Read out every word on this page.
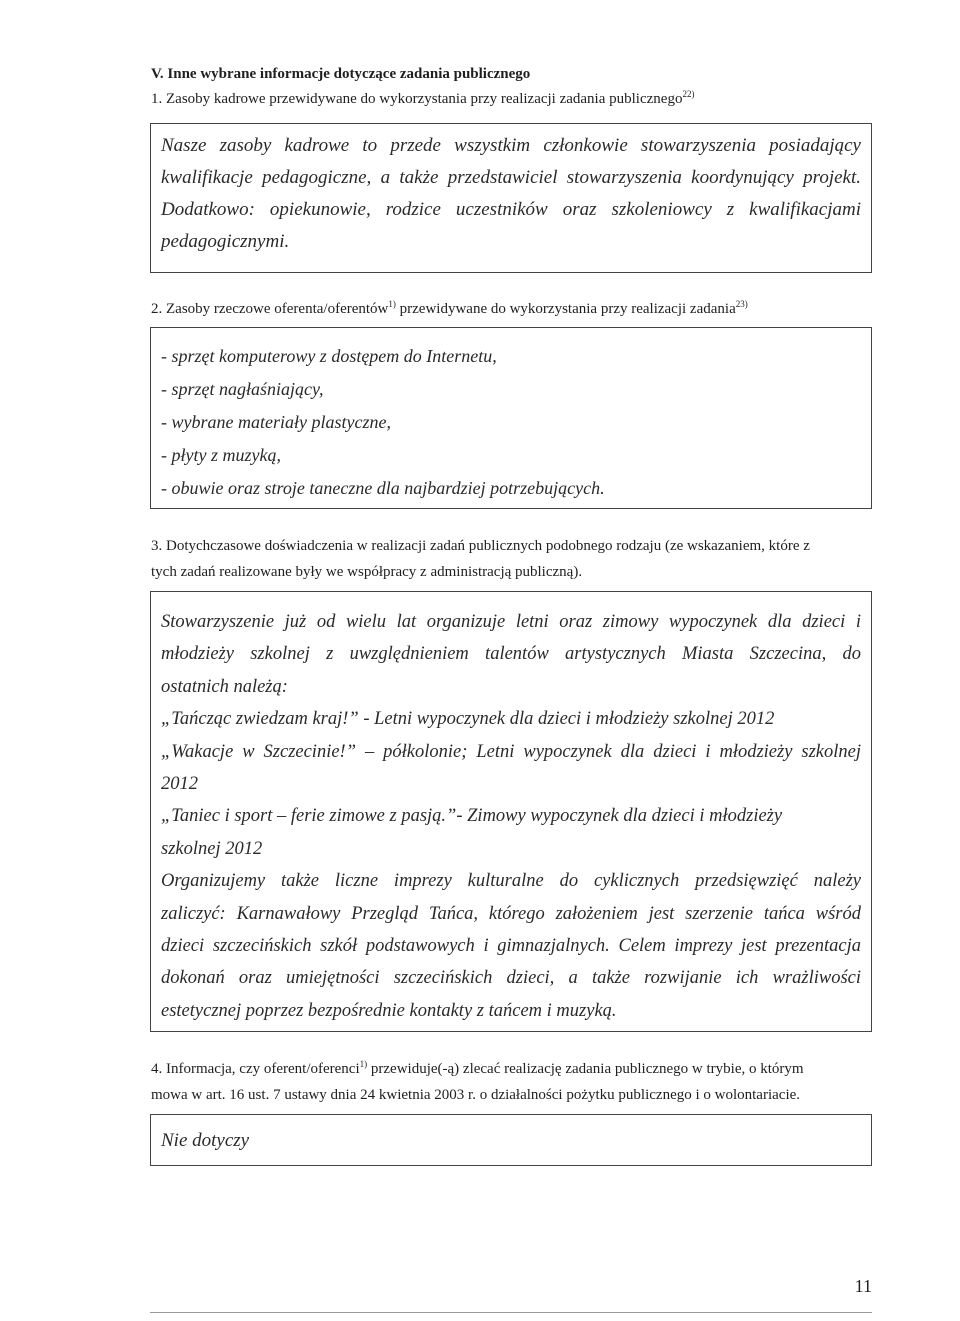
V. Inne wybrane informacje dotyczące zadania publicznego
1. Zasoby kadrowe przewidywane do wykorzystania przy realizacji zadania publicznego$^{22)}$

Nasze zasoby kadrowe to przede wszystkim członkowie stowarzyszenia posiadający

kwalifikacje pedagogiczne, a także przedstawiciel stowarzyszenia koordynujący projekt.

Dodatkowo: opiekunowie, rodzice uczestników oraz szkoleniowcy z kwalifikacjami

pedagogicznymi.

2. Zasoby rzeczowe oferenta/oferentów$^{1)}$ przewidywane do wykorzystania przy realizacji zadania$^{23)}$

- sprzęt komputerowy z dostępem do Internetu,

- sprzęt nagłaśniający,

- wybrane materiały plastyczne,

- płyty z muzyką,

- obuwie oraz stroje taneczne dla najbardziej potrzebujących.

3. Dotychczasowe doświadczenia w realizacji zadań publicznych podobnego rodzaju (ze wskazaniem, które z
tych zadań realizowane były we współpracy z administracją publiczną).

Stowarzyszenie już od wielu lat organizuje letni oraz zimowy wypoczynek dla dzieci i

młodzieży szkolnej z uwzględnieniem talentów artystycznych Miasta Szczecina, do

ostatnich należą:

„Tańcząc zwiedzam kraj!” - Letni wypoczynek dla dzieci i młodzieży szkolnej 2012

„Wakacje w Szczecinie!” – półkolonie; Letni wypoczynek dla dzieci i młodzieży szkolnej

2012

„Taniec i sport – ferie zimowe z pasją.”- Zimowy wypoczynek dla dzieci i młodzieży

szkolnej 2012

Organizujemy także liczne imprezy kulturalne do cyklicznych przedsięwzięć należy

zaliczyć: Karnawałowy Przegląd Tańca, którego założeniem jest szerzenie tańca wśród

dzieci szczecińskich szkół podstawowych i gimnazjalnych. Celem imprezy jest prezentacja

dokonań oraz umiejętności szczecińskich dzieci, a także rozwijanie ich wrażliwości

estetycznej poprzez bezpośrednie kontakty z tańcem i muzyką.

4. Informacja, czy oferent/oferenci$^{1)}$ przewiduje(-ą) zlecać realizację zadania publicznego w trybie, o którym
mowa w art. 16 ust. 7 ustawy dnia 24 kwietnia 2003 r. o działalności pożytku publicznego i o wolontariacie.

Nie dotyczy

11
